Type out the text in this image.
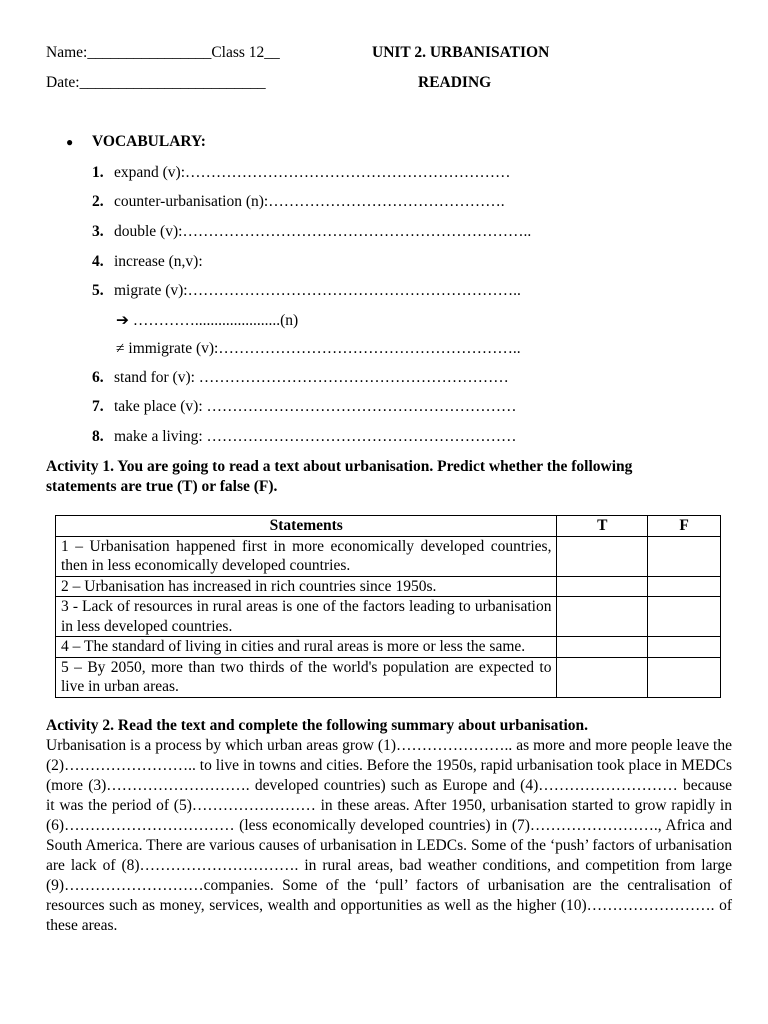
Name:________________Class 12__	UNIT 2. URBANISATION
Date:________________________	READING
● VOCABULARY:
1. expand (v):………………………………………………………
2. counter-urbanisation (n):……………………………………….
3. double (v):…………………………………………………………..
4. increase (n,v):
5. migrate (v):………………………………………………………..
➔ …………......................(n)
≠ immigrate (v):…………………………………………………..
6. stand for (v): ……………………………………………………
7. take place (v): ……………………………………………………
8. make a living: ……………………………………………………
Activity 1. You are going to read a text about urbanisation. Predict whether the following statements are true (T) or false (F).
Statements	T	F
1 – Urbanisation happened first in more economically developed countries, then in less economically developed countries.		
2 – Urbanisation has increased in rich countries since 1950s.		
3 - Lack of resources in rural areas is one of the factors leading to urbanisation in less developed countries.		
4 – The standard of living in cities and rural areas is more or less the same.		
5 – By 2050, more than two thirds of the world's population are expected to live in urban areas.		
Activity 2. Read the text and complete the following summary about urbanisation.
Urbanisation is a process by which urban areas grow (1)………………….. as more and more people leave the (2)…………………….. to live in towns and cities. Before the 1950s, rapid urbanisation took place in MEDCs (more (3)………………………. developed countries) such as Europe and (4)……………………… because it was the period of (5)…………………… in these areas. After 1950, urbanisation started to grow rapidly in (6)…………………………… (less economically developed countries) in (7)……………………., Africa and South America. There are various causes of urbanisation in LEDCs. Some of the ‘push’ factors of urbanisation are lack of (8)…………………………. in rural areas, bad weather conditions, and competition from large (9)………………………companies. Some of the ‘pull’ factors of urbanisation are the centralisation of resources such as money, services, wealth and opportunities as well as the higher (10)……………………. of these areas.
